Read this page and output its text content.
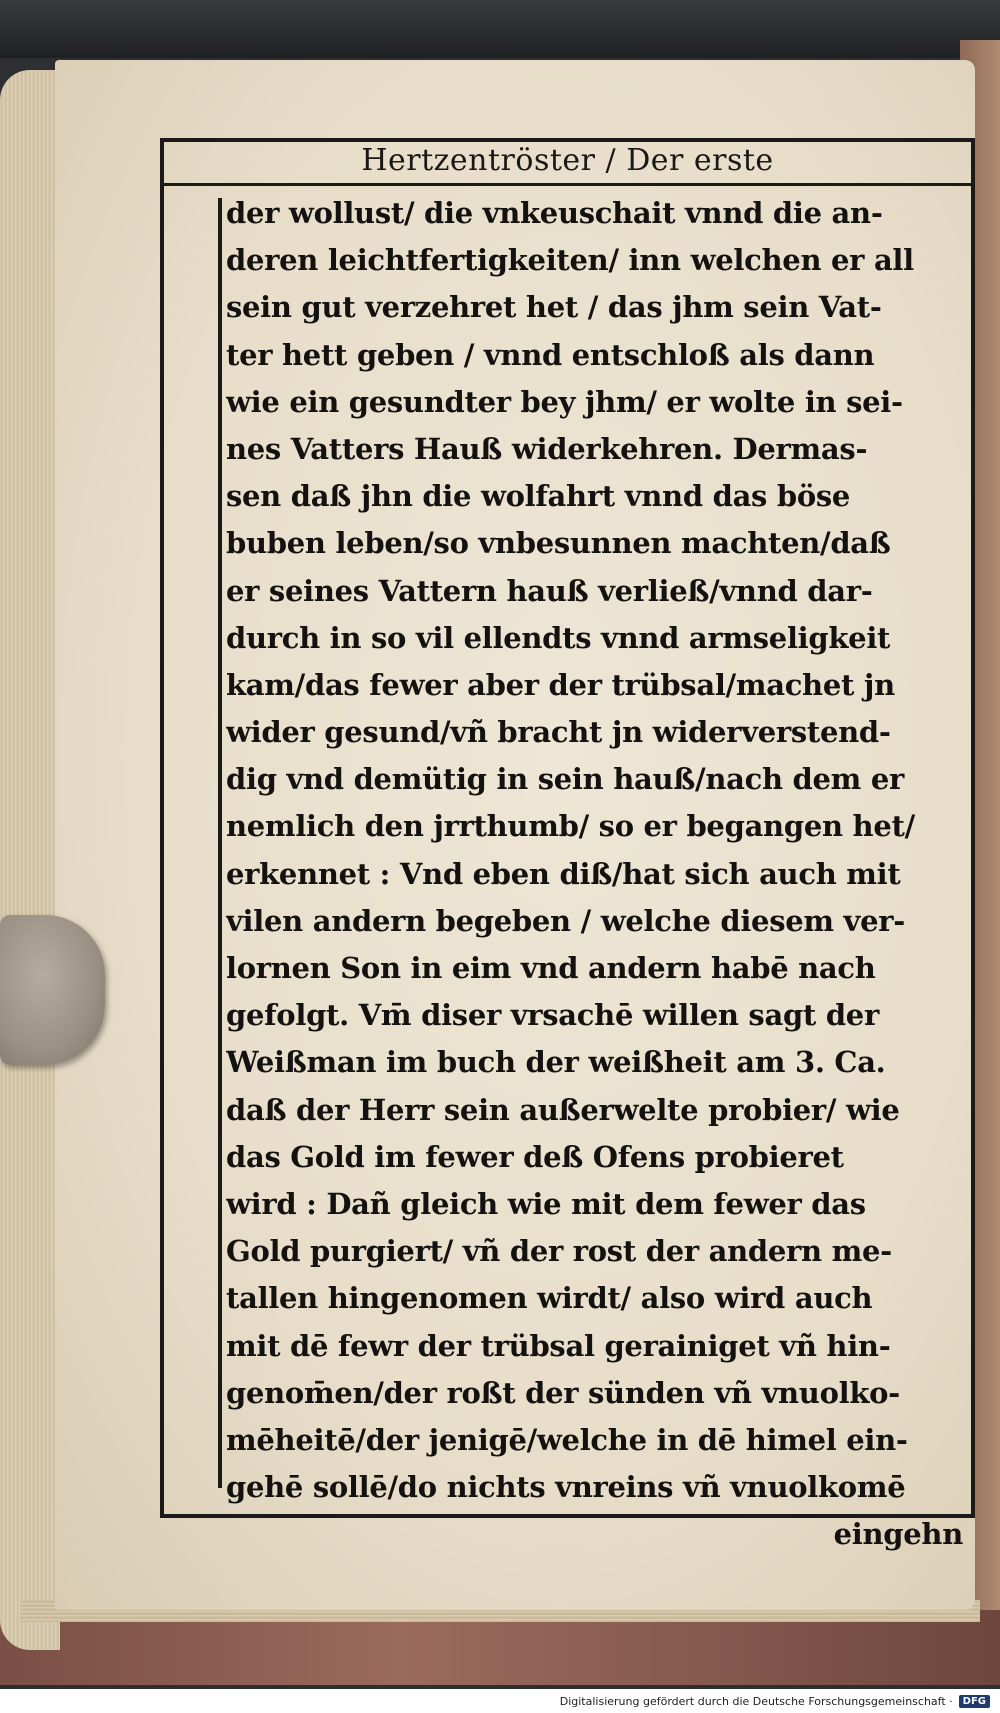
Hertzentröster / Der erste
der wollust/ die vnkeuschait vnnd die an-
deren leichtfertigkeiten/ inn welchen er all
sein gut verzehret het / das jhm sein Vat-
ter hett geben / vnnd entschloß als dann
wie ein gesundter bey jhm/ er wolte in sei-
nes Vatters Hauß widerkehren. Dermas-
sen daß jhn die wolfahrt vnnd das böse
buben leben/so vnbesunnen machten/daß
er seines Vattern hauß verließ/vnnd dar-
durch in so vil ellendts vnnd armseligkeit
kam/das fewer aber der trübsal/machet jn
wider gesund/vñ bracht jn widerverstend-
dig vnd demütig in sein hauß/nach dem er
nemlich den jrrthumb/ so er begangen het/
erkennet : Vnd eben diß/hat sich auch mit
vilen andern begeben / welche diesem ver-
lornen Son in eim vnd andern habē nach
gefolgt. Vm̄ diser vrsachē willen sagt der
Weißman im buch der weißheit am 3. Ca.
daß der Herr sein außerwelte probier/ wie
das Gold im fewer deß Ofens probieret
wird : Dañ gleich wie mit dem fewer das
Gold purgiert/ vñ der rost der andern me-
tallen hingenomen wirdt/ also wird auch
mit dē fewr der trübsal gerainiget vñ hin-
genom̄en/der roßt der sünden vñ vnuolko-
mēheitē/der jenigē/welche in dē himel ein-
gehē sollē/do nichts vnreins vñ vnuolkomē
eingehn
Digitalisierung gefördert durch die Deutsche Forschungsgemeinschaft ·	DFG
